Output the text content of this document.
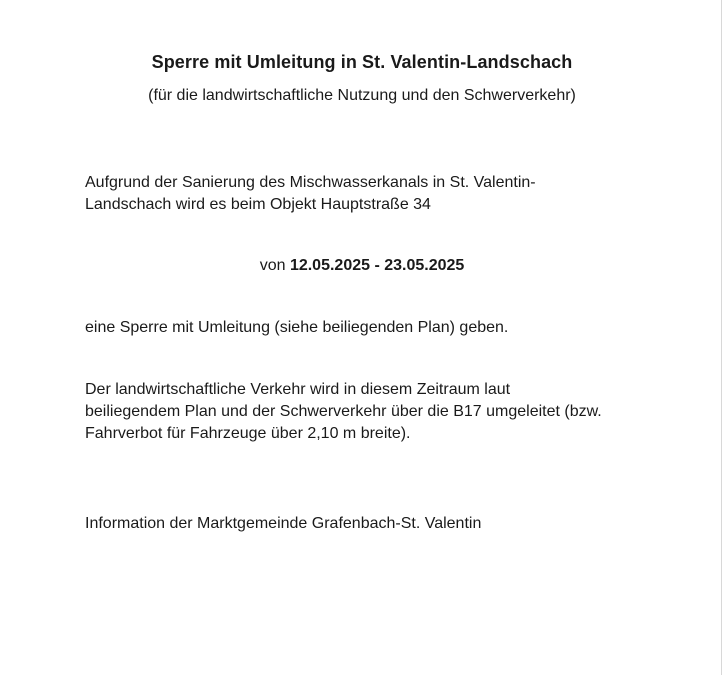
Sperre mit Umleitung in St. Valentin-Landschach
(für die landwirtschaftliche Nutzung und den Schwerverkehr)
Aufgrund der Sanierung des Mischwasserkanals in St. Valentin-
Landschach wird es beim Objekt Hauptstraße 34
von 12.05.2025 - 23.05.2025
eine Sperre mit Umleitung (siehe beiliegenden Plan) geben.
Der landwirtschaftliche Verkehr wird in diesem Zeitraum laut
beiliegendem Plan und der Schwerverkehr über die B17 umgeleitet (bzw.
Fahrverbot für Fahrzeuge über 2,10 m breite).
Information der Marktgemeinde Grafenbach-St. Valentin
